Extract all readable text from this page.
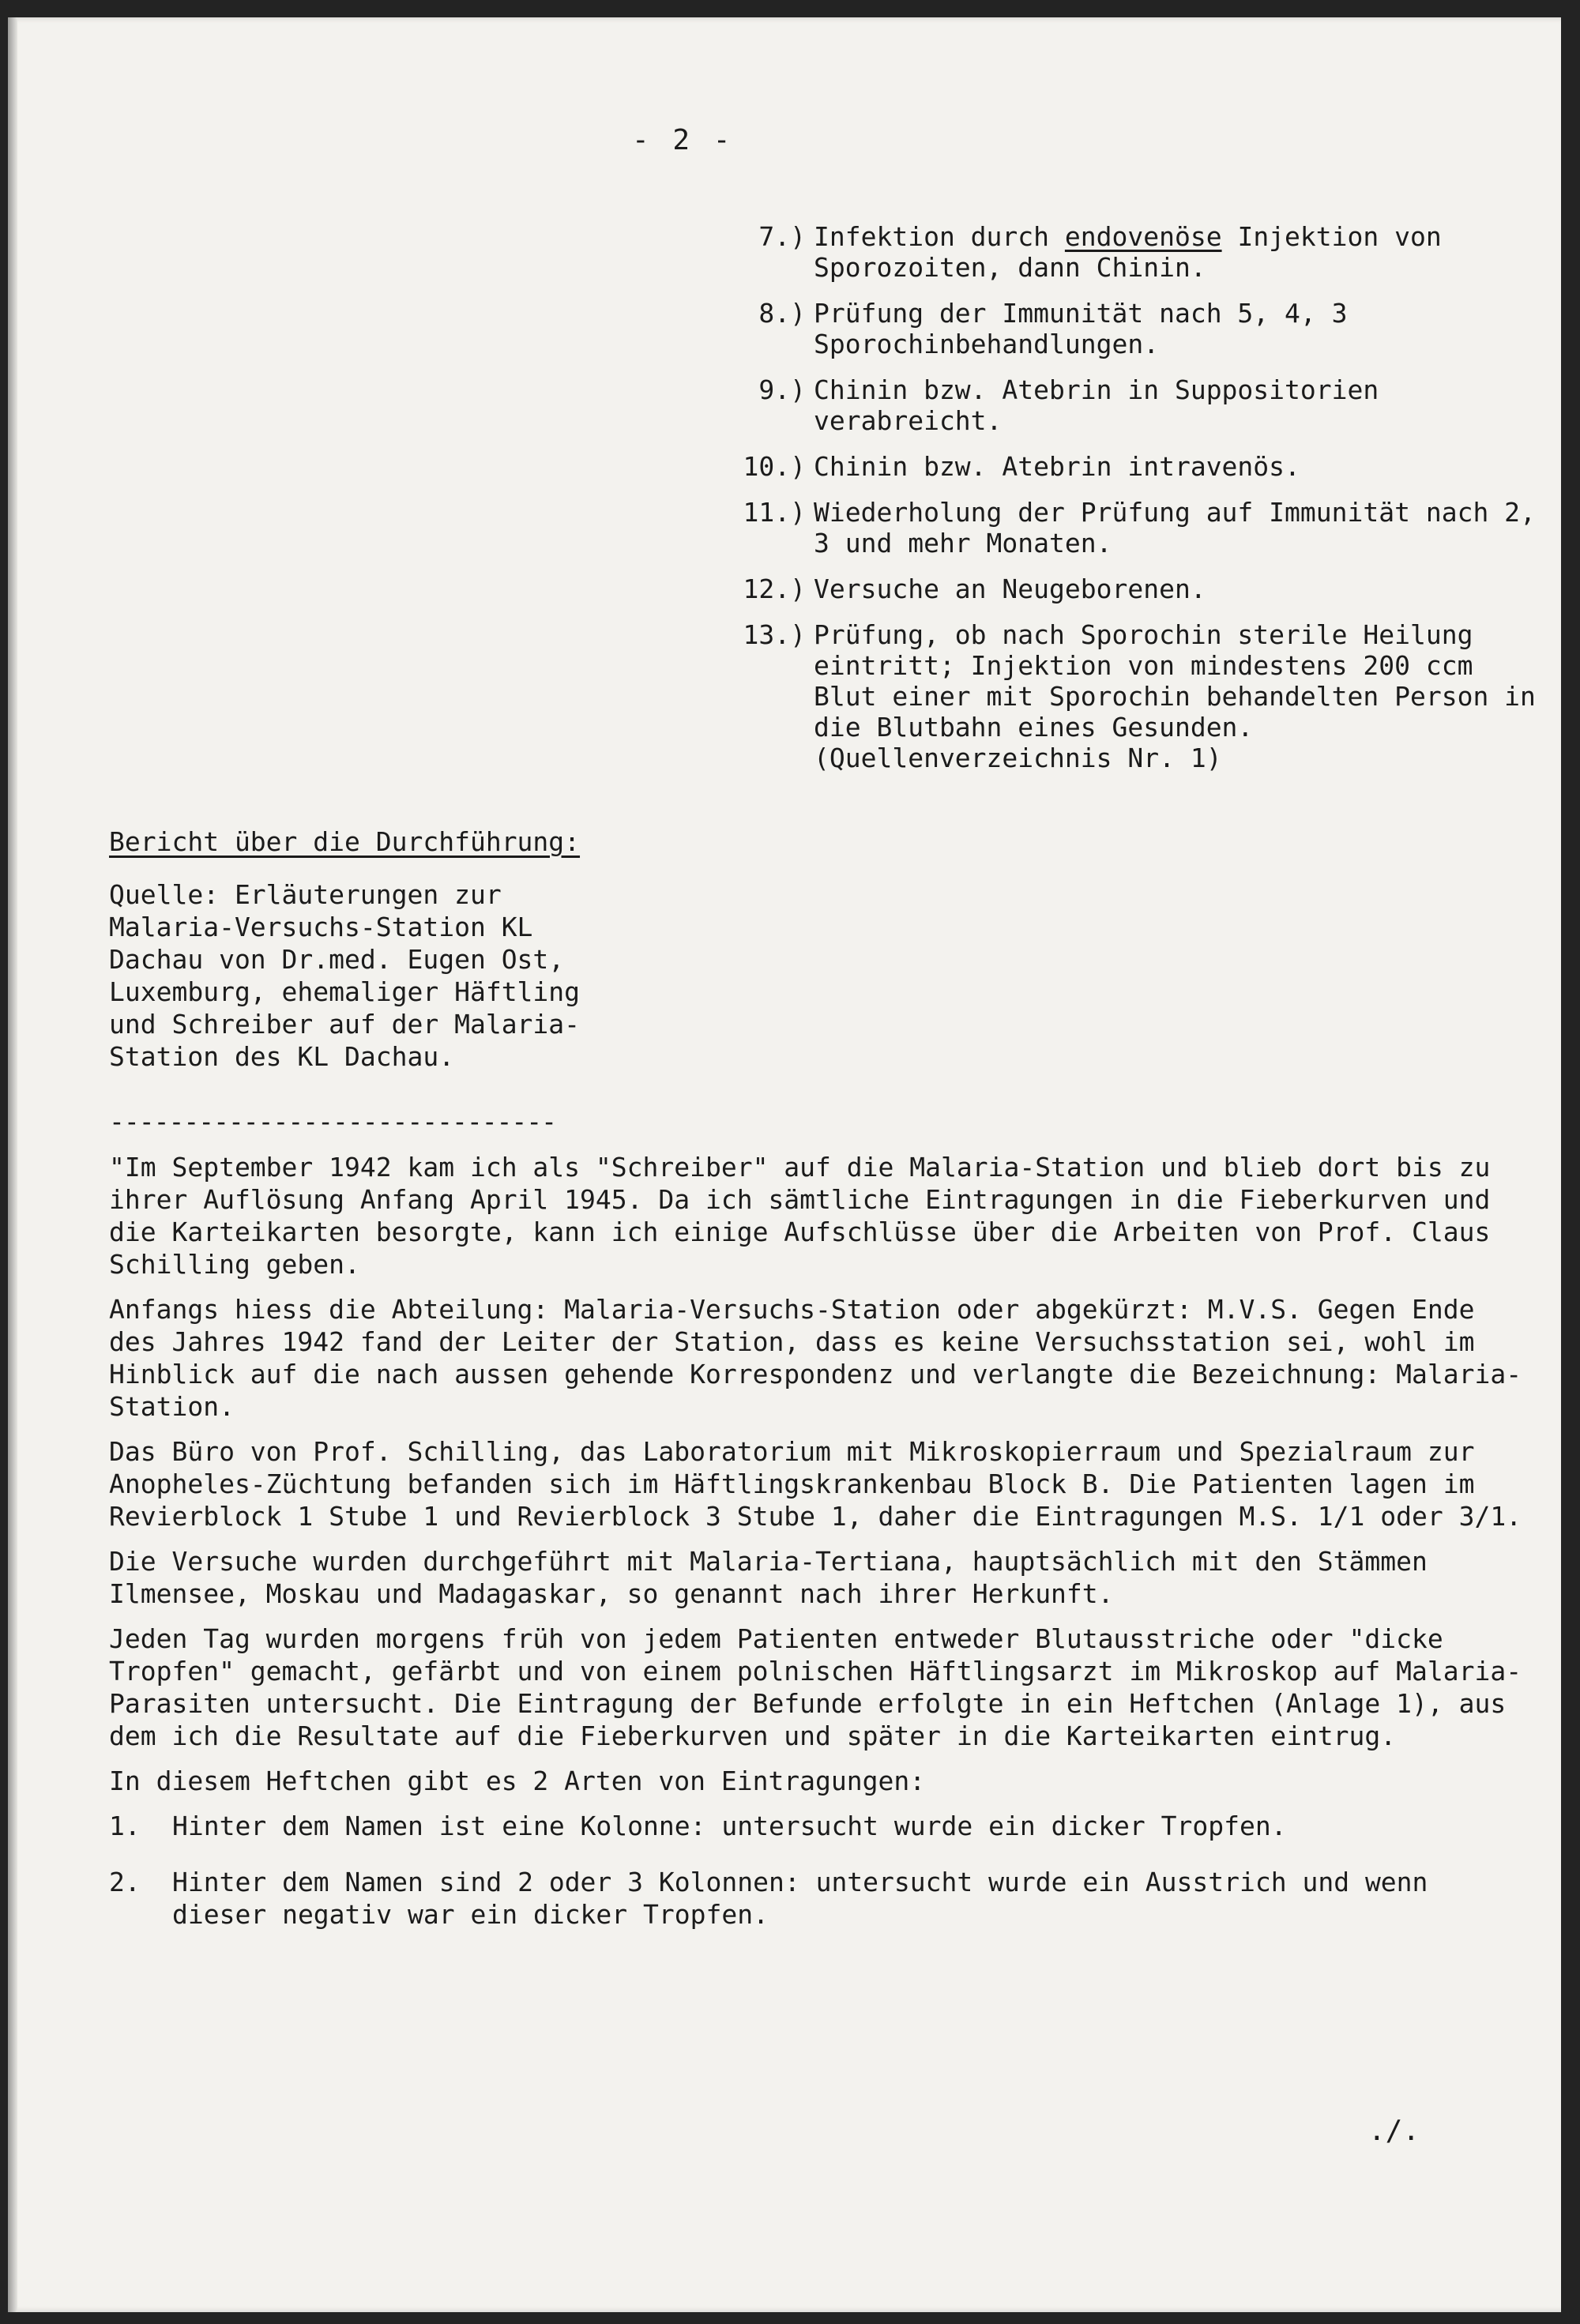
- 2 -
7.) Infektion durch endovenöse Injektion von Sporozoiten, dann Chinin.
8.) Prüfung der Immunität nach 5, 4, 3 Sporochinbehandlungen.
9.) Chinin bzw. Atebrin in Suppositorien verabreicht.
10.) Chinin bzw. Atebrin intravenös.
11.) Wiederholung der Prüfung auf Immunität nach 2, 3 und mehr Monaten.
12.) Versuche an Neugeborenen.
13.) Prüfung, ob nach Sporochin sterile Heilung eintritt; Injektion von mindestens 200 ccm Blut einer mit Sporochin behandelten Person in die Blutbahn eines Gesunden. (Quellenverzeichnis Nr. 1)
Bericht über die Durchführung:
Quelle: Erläuterungen zur Malaria-Versuchs-Station KL Dachau von Dr.med. Eugen Ost, Luxemburg, ehemaliger Häftling und Schreiber auf der Malaria-Station des KL Dachau.
------------------------------

"Im September 1942 kam ich als "Schreiber" auf die Malaria-Station und blieb dort bis zu ihrer Auflösung Anfang April 1945. Da ich sämtliche Eintragungen in die Fieberkurven und die Karteikarten besorgte, kann ich einige Aufschlüsse über die Arbeiten von Prof. Claus Schilling geben.

Anfangs hiess die Abteilung: Malaria-Versuchs-Station oder abgekürzt: M.V.S. Gegen Ende des Jahres 1942 fand der Leiter der Station, dass es keine Versuchsstation sei, wohl im Hinblick auf die nach aussen gehende Korrespondenz und verlangte die Bezeichnung: Malaria-Station.

Das Büro von Prof. Schilling, das Laboratorium mit Mikroskopierraum und Spezialraum zur Anopheles-Züchtung befanden sich im Häftlingskrankenbau Block B. Die Patienten lagen im Revierblock 1 Stube 1 und Revierblock 3 Stube 1, daher die Eintragungen M.S. 1/1 oder 3/1.

Die Versuche wurden durchgeführt mit Malaria-Tertiana, hauptsächlich mit den Stämmen Ilmensee, Moskau und Madagaskar, so genannt nach ihrer Herkunft.

Jeden Tag wurden morgens früh von jedem Patienten entweder Blutausstriche oder "dicke Tropfen" gemacht, gefärbt und von einem polnischen Häftlingsarzt im Mikroskop auf Malaria-Parasiten untersucht. Die Eintragung der Befunde erfolgte in ein Heftchen (Anlage 1), aus dem ich die Resultate auf die Fieberkurven und später in die Karteikarten eintrug.

In diesem Heftchen gibt es 2 Arten von Eintragungen:

1. Hinter dem Namen ist eine Kolonne: untersucht wurde ein dicker Tropfen.
2. Hinter dem Namen sind 2 oder 3 Kolonnen: untersucht wurde ein Ausstrich und wenn dieser negativ war ein dicker Tropfen.
./.
